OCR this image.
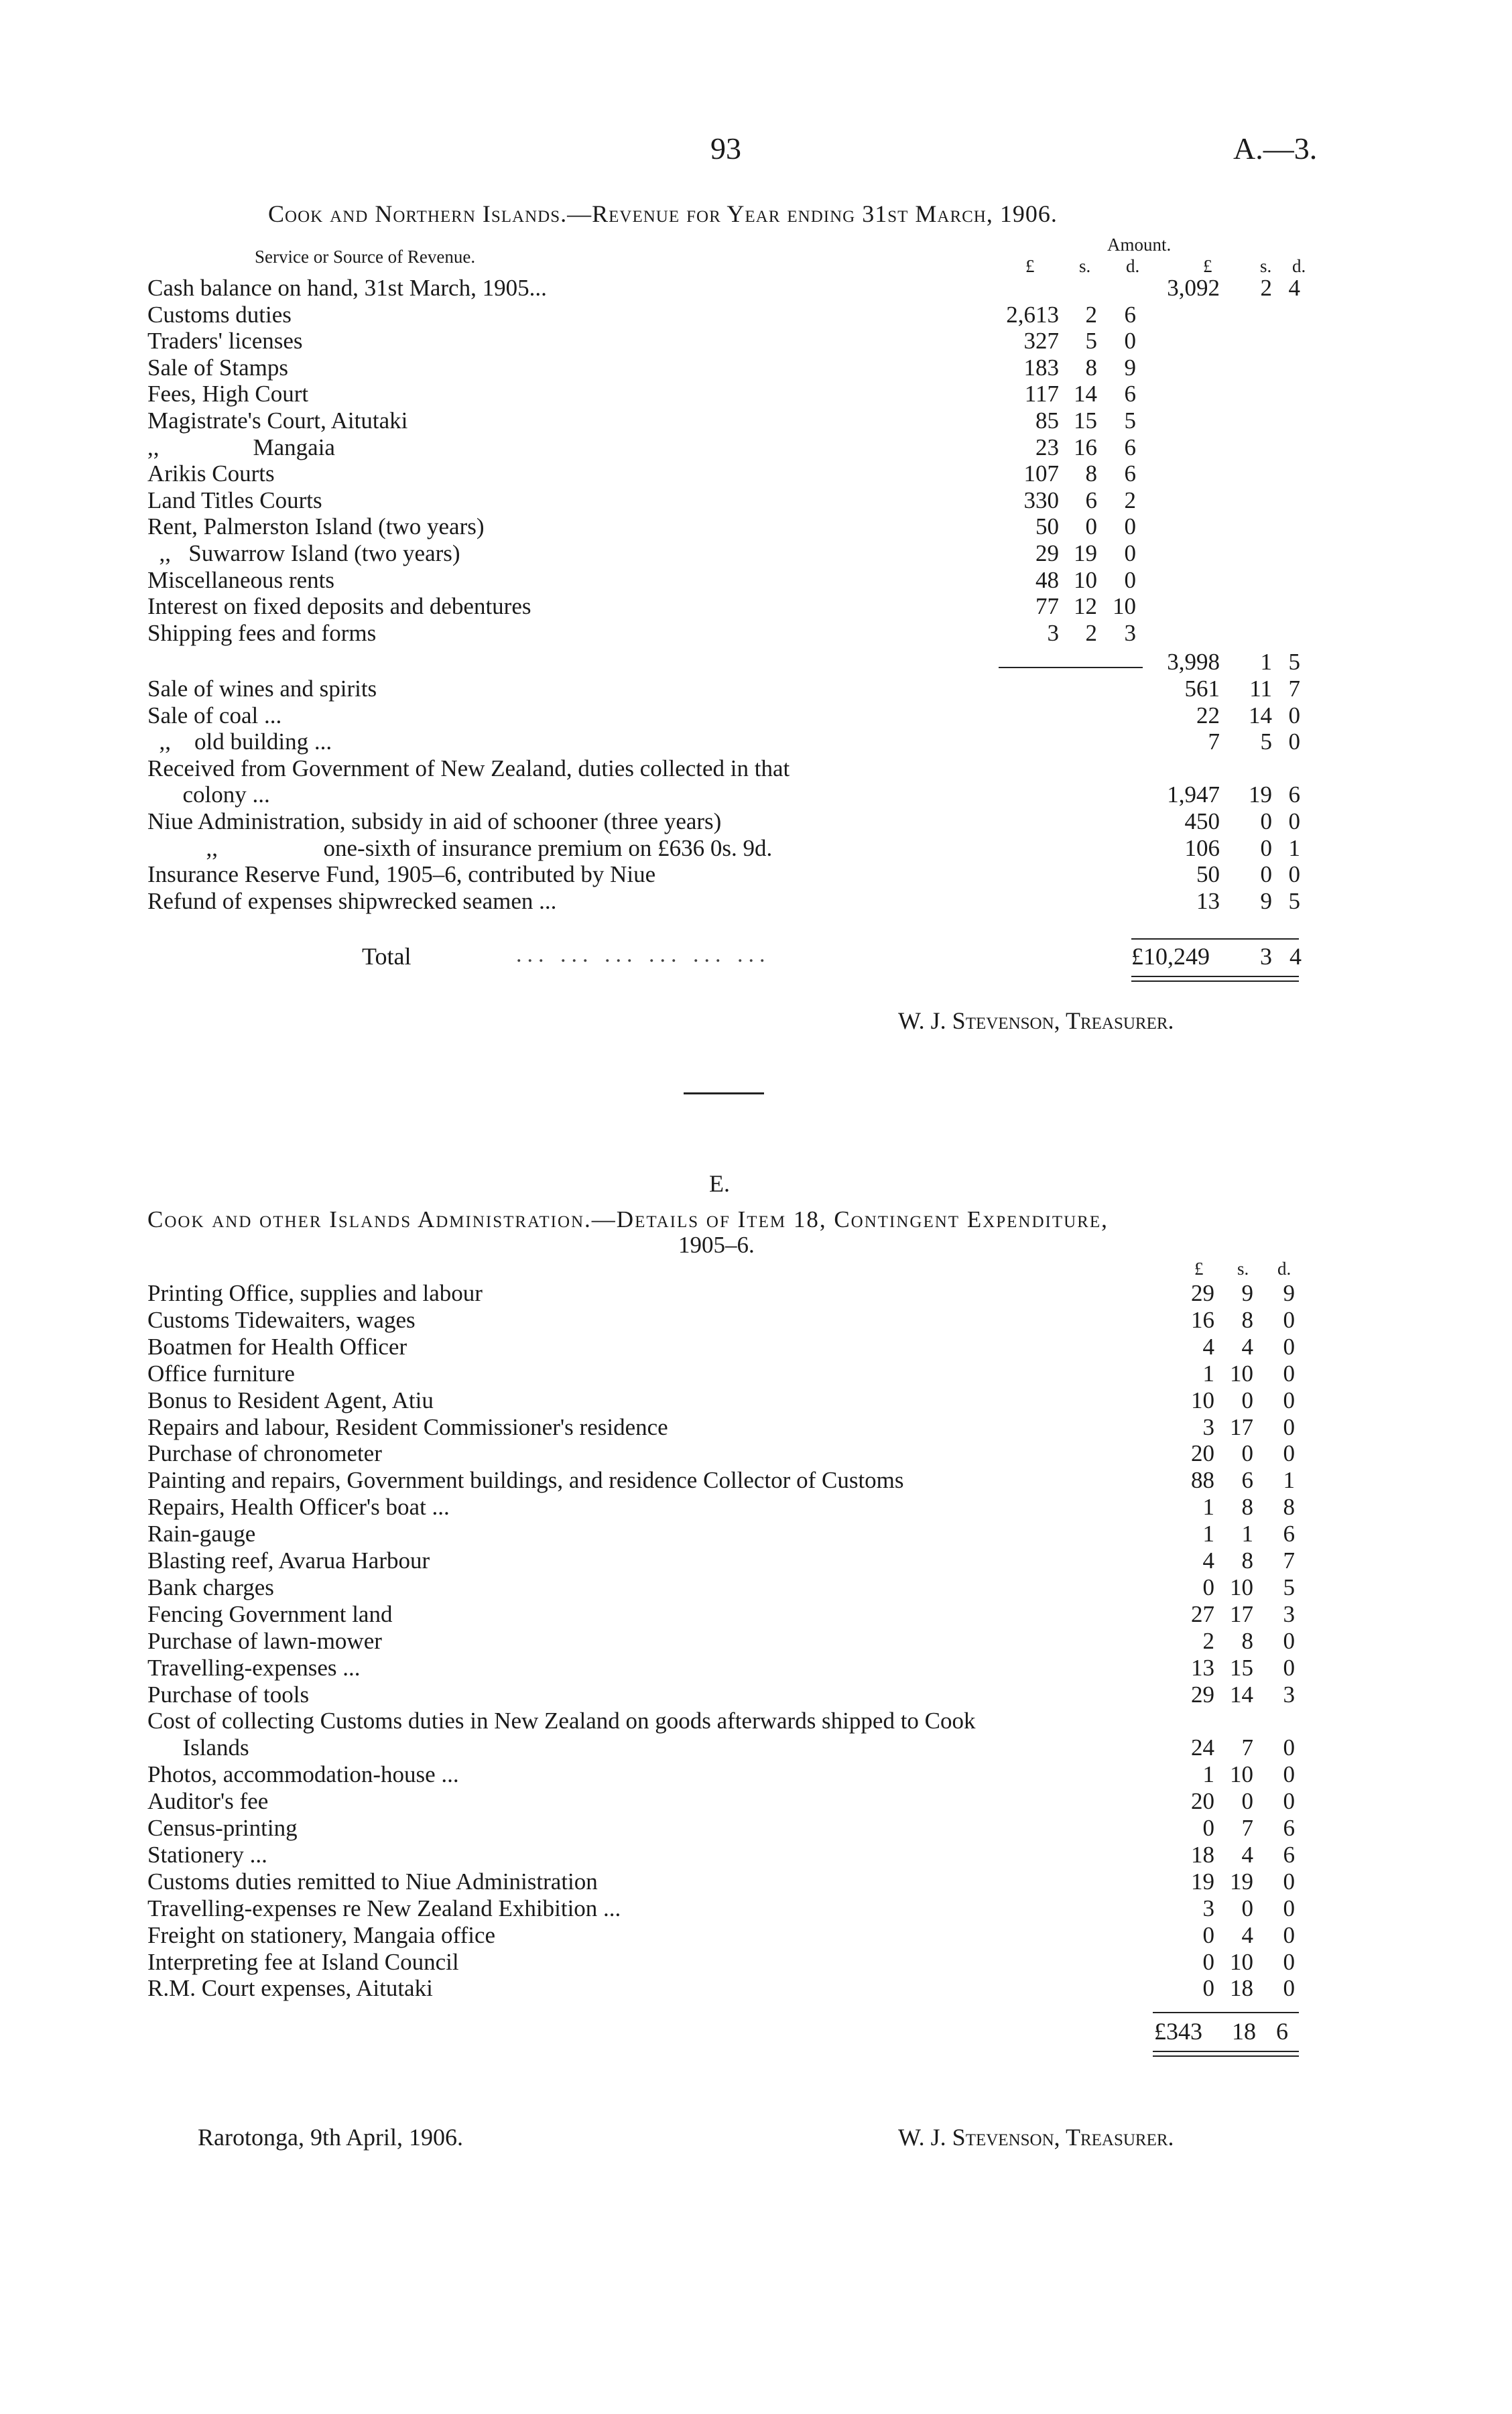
93	A.—3.
Cook and Northern Islands.—Revenue for Year ending 31st March, 1906.
Service or Source of Revenue.
Amount.
£ s. d.	£	s. d.
Cash balance on hand, 31st March, 1905...	3,092 2 4
Customs duties	2,613 2 6
Traders' licenses	327 5 0
Sale of Stamps	183 8 9
Fees, High Court	117 14 6
Magistrate's Court, Aitutaki	85 15 5
,,                Mangaia	23 16 6
Arikis Courts	107 8 6
Land Titles Courts	330 6 2
Rent, Palmerston Island (two years)	50 0 0
,,   Suwarrow Island (two years)	29 19 0
Miscellaneous rents	48 10 0
Interest on fixed deposits and debentures	77 12 10
Shipping fees and forms	3 2 3
3,998 1 5
Sale of wines and spirits	561 11 7
Sale of coal ...	22 14 0
,,    old building ...	7 5 0
Received from Government of New Zealand, duties collected in that
colony ...	1,947 19 6
Niue Administration, subsidy in aid of schooner (three years)	450 0 0
,,                  one-sixth of insurance premium on £636 0s. 9d.	106 0 1
Insurance Reserve Fund, 1905–6, contributed by Niue	50 0 0
Refund of expenses shipwrecked seamen ...	13 9 5
Total	... ... ... ... ... ...	£10,249 3 4
W. J. Stevenson, Treasurer.
E.
Cook and other Islands Administration.—Details of Item 18, Contingent Expenditure,
1905–6.
£ s. d.
Printing Office, supplies and labour	29 9 9
Customs Tidewaiters, wages	16 8 0
Boatmen for Health Officer	4 4 0
Office furniture	1 10 0
Bonus to Resident Agent, Atiu	10 0 0
Repairs and labour, Resident Commissioner's residence	3 17 0
Purchase of chronometer	20 0 0
Painting and repairs, Government buildings, and residence Collector of Customs	88 6 1
Repairs, Health Officer's boat ...	1 8 8
Rain-gauge	1 1 6
Blasting reef, Avarua Harbour	4 8 7
Bank charges	0 10 5
Fencing Government land	27 17 3
Purchase of lawn-mower	2 8 0
Travelling-expenses ...	13 15 0
Purchase of tools	29 14 3
Cost of collecting Customs duties in New Zealand on goods afterwards shipped to Cook
Islands	24 7 0
Photos, accommodation-house ...	1 10 0
Auditor's fee	20 0 0
Census-printing	0 7 6
Stationery ...	18 4 6
Customs duties remitted to Niue Administration	19 19 0
Travelling-expenses re New Zealand Exhibition ...	3 0 0
Freight on stationery, Mangaia office	0 4 0
Interpreting fee at Island Council	0 10 0
R.M. Court expenses, Aitutaki	0 18 0
£343 18 6
Rarotonga, 9th April, 1906.	W. J. Stevenson, Treasurer.
